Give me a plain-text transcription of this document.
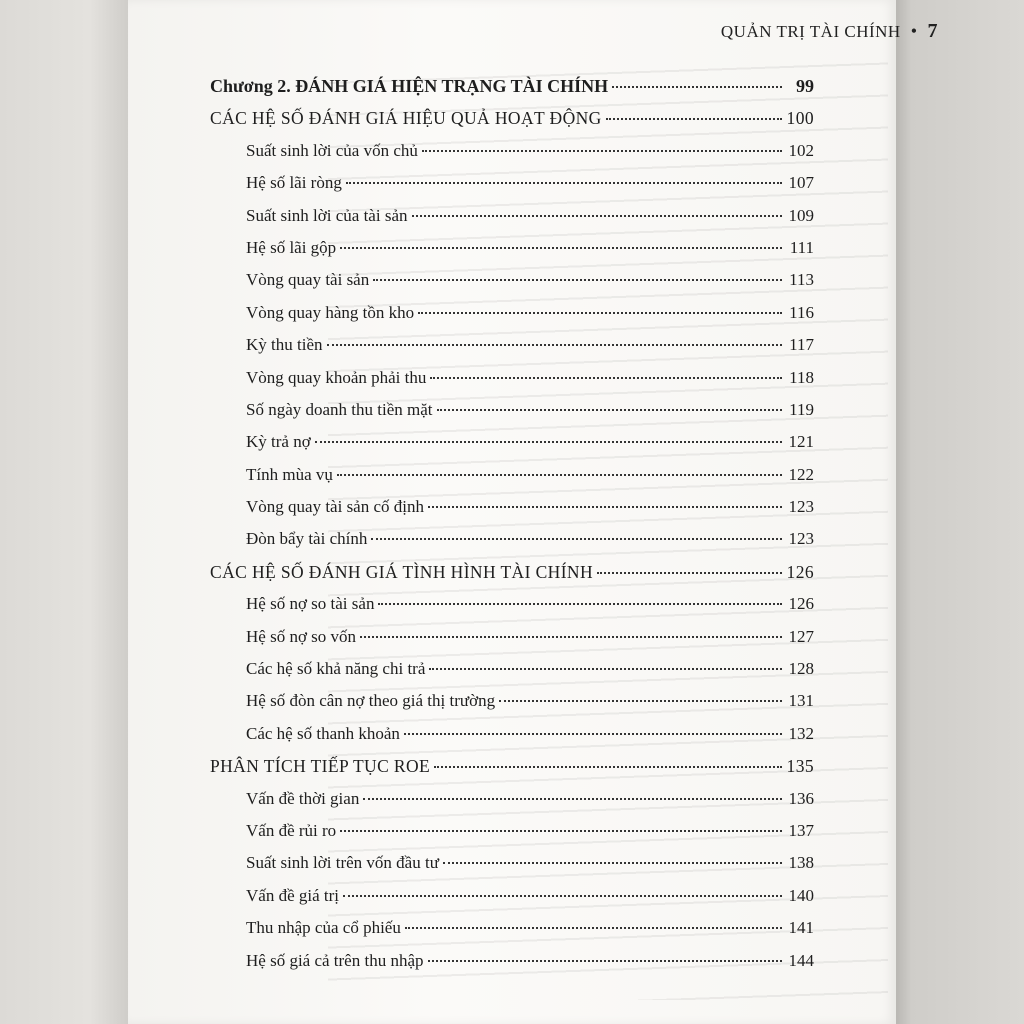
QUẢN TRỊ TÀI CHÍNH • 7
Chương 2. ĐÁNH GIÁ HIỆN TRẠNG TÀI CHÍNH	99
CÁC HỆ SỐ ĐÁNH GIÁ HIỆU QUẢ HOẠT ĐỘNG	100
Suất sinh lời của vốn chủ	102
Hệ số lãi ròng	107
Suất sinh lời của tài sản	109
Hệ số lãi gộp	111
Vòng quay tài sản	113
Vòng quay hàng tồn kho	116
Kỳ thu tiền	117
Vòng quay khoản phải thu	118
Số ngày doanh thu tiền mặt	119
Kỳ trả nợ	121
Tính mùa vụ	122
Vòng quay tài sản cố định	123
Đòn bẩy tài chính	123
CÁC HỆ SỐ ĐÁNH GIÁ TÌNH HÌNH TÀI CHÍNH	126
Hệ số nợ so tài sản	126
Hệ số nợ so vốn	127
Các hệ số khả năng chi trả	128
Hệ số đòn cân nợ theo giá thị trường	131
Các hệ số thanh khoản	132
PHÂN TÍCH TIẾP TỤC ROE	135
Vấn đề thời gian	136
Vấn đề rủi ro	137
Suất sinh lời trên vốn đầu tư	138
Vấn đề giá trị	140
Thu nhập của cổ phiếu	141
Hệ số giá cả trên thu nhập	144
